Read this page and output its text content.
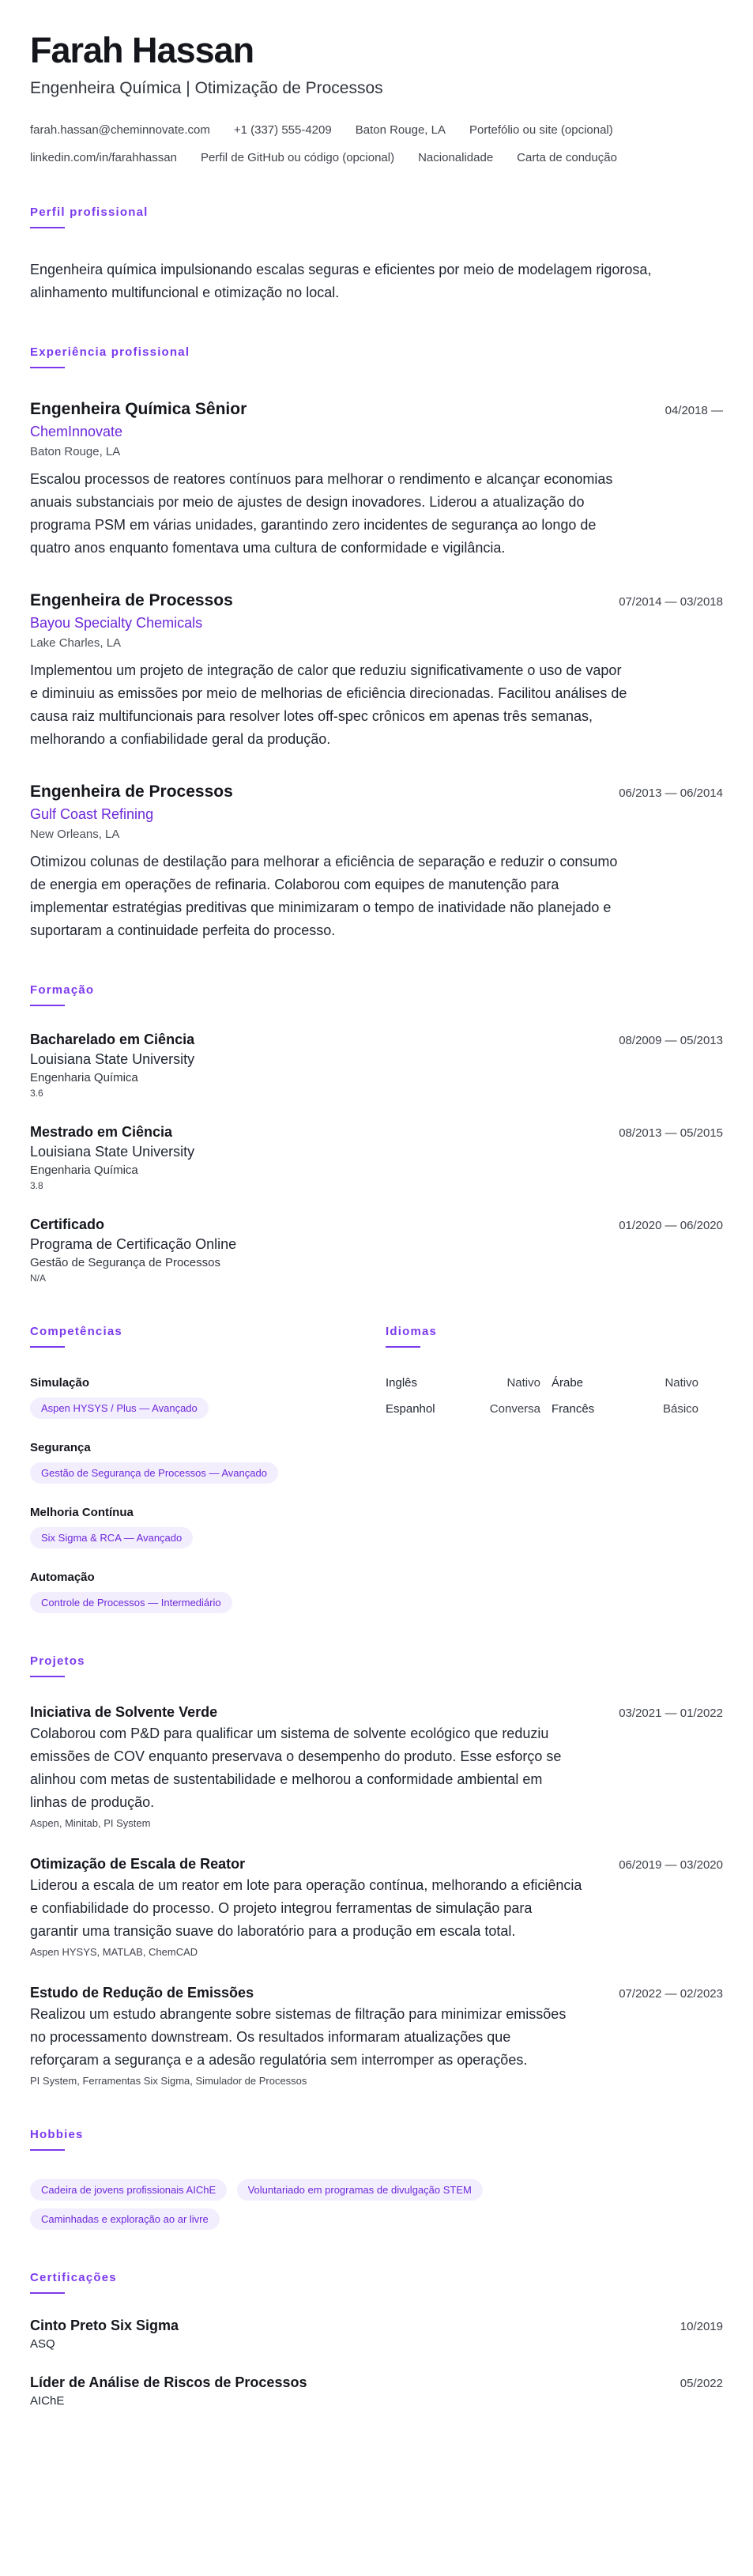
Farah Hassan
Engenheira Química | Otimização de Processos
farah.hassan@cheminnovate.com +1 (337) 555-4209 Baton Rouge, LA Portefólio ou site (opcional)
linkedin.com/in/farahhassan Perfil de GitHub ou código (opcional) Nacionalidade Carta de condução
Perfil profissional

Engenheira química impulsionando escalas seguras e eficientes por meio de modelagem rigorosa, alinhamento multifuncional e otimização no local.

Experiência profissional
Engenheira Química Sênior	04/2018 —
ChemInnovate
Baton Rouge, LA
Escalou processos de reatores contínuos para melhorar o rendimento e alcançar economias anuais substanciais por meio de ajustes de design inovadores. Liderou a atualização do programa PSM em várias unidades, garantindo zero incidentes de segurança ao longo de quatro anos enquanto fomentava uma cultura de conformidade e vigilância.
Engenheira de Processos	07/2014 — 03/2018
Bayou Specialty Chemicals
Lake Charles, LA
Implementou um projeto de integração de calor que reduziu significativamente o uso de vapor e diminuiu as emissões por meio de melhorias de eficiência direcionadas. Facilitou análises de causa raiz multifuncionais para resolver lotes off-spec crônicos em apenas três semanas, melhorando a confiabilidade geral da produção.
Engenheira de Processos	06/2013 — 06/2014
Gulf Coast Refining
New Orleans, LA
Otimizou colunas de destilação para melhorar a eficiência de separação e reduzir o consumo de energia em operações de refinaria. Colaborou com equipes de manutenção para implementar estratégias preditivas que minimizaram o tempo de inatividade não planejado e suportaram a continuidade perfeita do processo.
Formação
Bacharelado em Ciência	08/2009 — 05/2013
Louisiana State University
Engenharia Química
3.6
Mestrado em Ciência	08/2013 — 05/2015
Louisiana State University
Engenharia Química
3.8
Certificado	01/2020 — 06/2020
Programa de Certificação Online
Gestão de Segurança de Processos
N/A
Competências
Simulação
Aspen HYSYS / Plus — Avançado
Segurança
Gestão de Segurança de Processos — Avançado
Melhoria Contínua
Six Sigma & RCA — Avançado
Automação
Controle de Processos — Intermediário
Idiomas
Inglês	Nativo Árabe	Nativo
Espanhol	Conversa Francês	Básico
Projetos
Iniciativa de Solvente Verde	03/2021 — 01/2022
Colaborou com P&D para qualificar um sistema de solvente ecológico que reduziu emissões de COV enquanto preservava o desempenho do produto. Esse esforço se alinhou com metas de sustentabilidade e melhorou a conformidade ambiental em linhas de produção.
Aspen, Minitab, PI System
Otimização de Escala de Reator	06/2019 — 03/2020
Liderou a escala de um reator em lote para operação contínua, melhorando a eficiência e confiabilidade do processo. O projeto integrou ferramentas de simulação para garantir uma transição suave do laboratório para a produção em escala total.
Aspen HYSYS, MATLAB, ChemCAD
Estudo de Redução de Emissões	07/2022 — 02/2023
Realizou um estudo abrangente sobre sistemas de filtração para minimizar emissões no processamento downstream. Os resultados informaram atualizações que reforçaram a segurança e a adesão regulatória sem interromper as operações.
PI System, Ferramentas Six Sigma, Simulador de Processos
Hobbies
Cadeira de jovens profissionais AIChE	Voluntariado em programas de divulgação STEM Caminhadas e exploração ao ar livre
Certificações
Cinto Preto Six Sigma	10/2019
ASQ
Líder de Análise de Riscos de Processos	05/2022
AIChE
